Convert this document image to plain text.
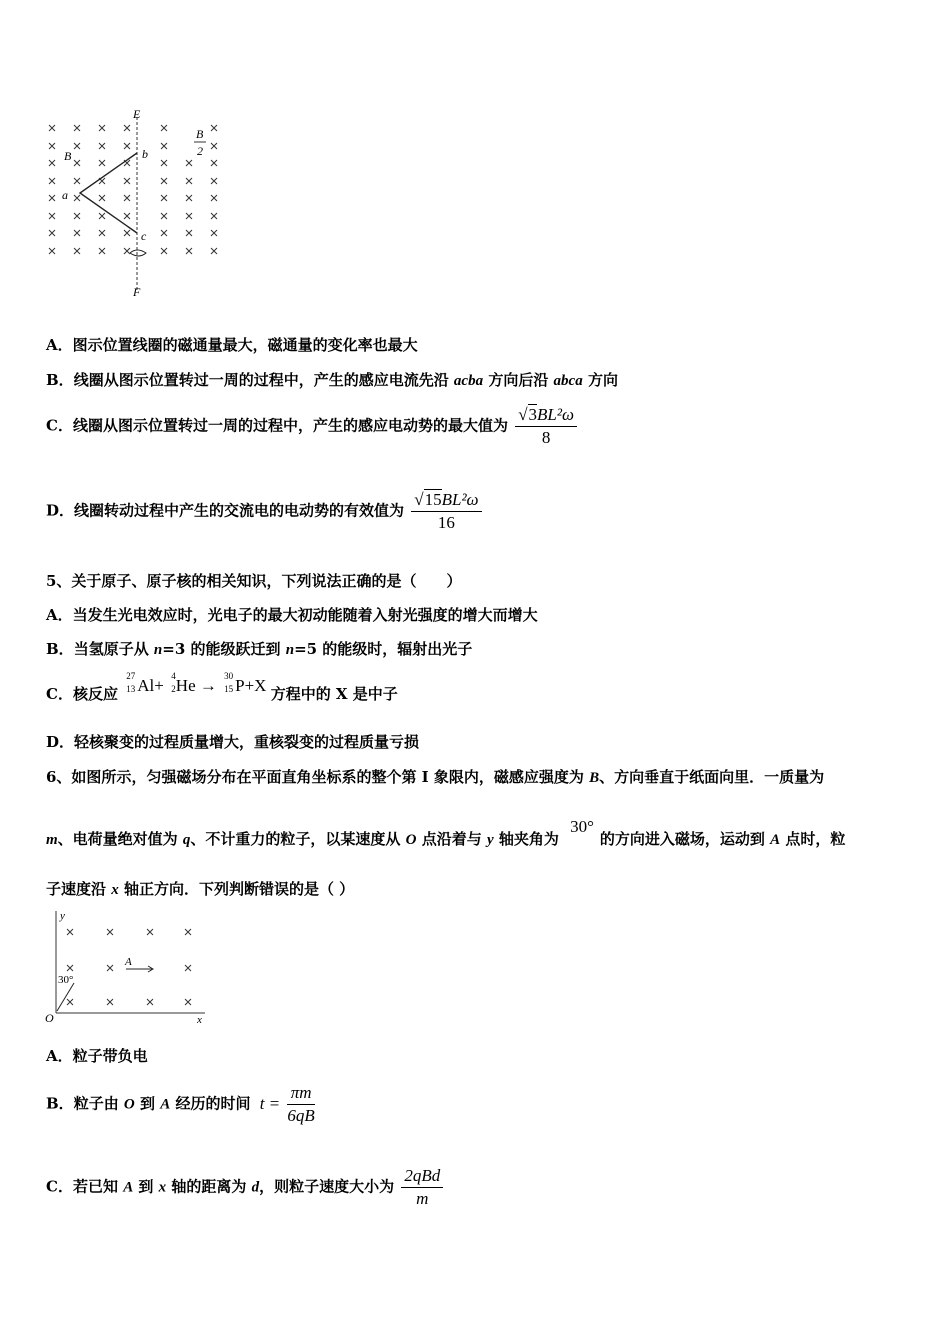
E
F
B
B
2
a
b
c
A．图示位置线圈的磁通量最大，磁通量的变化率也最大
B．线圈从图示位置转过一周的过程中，产生的感应电流先沿 acba 方向后沿 abca 方向
C．线圈从图示位置转过一周的过程中，产生的感应电动势的最大值为 $\frac{\text{√3BL²ω}}{8}$
D．线圈转动过程中产生的交流电的电动势的有效值为 $\frac{\text{√15BL²ω}}{16}$
5、关于原子、原子核的相关知识，下列说法正确的是（　　）
A．当发生光电效应时，光电子的最大初动能随着入射光强度的增大而增大
B．当氢原子从 n=3 的能级跃迁到 n=5 的能级时，辐射出光子
C．核反应
27
13 Al+ 4
2 He → 30
15 P+X 方程中的 X 是中子
D．轻核聚变的过程质量增大，重核裂变的过程质量亏损
6、如图所示，匀强磁场分布在平面直角坐标系的整个第 I 象限内，磁感应强度为 B、方向垂直于纸面向里．一质量为
m、电荷量绝对值为 q、不计重力的粒子，以某速度从 O 点沿着与 y 轴夹角为 30°的方向进入磁场，运动到 A 点时，粒
子速度沿 x 轴正方向．下列判断错误的是（ ）
y
x
O
A
30°
A．粒子带负电
B．粒子由 O 到 A 经历的时间 $t = \frac{\pi m}{6qB}$
C．若已知 A 到 x 轴的距离为 d，则粒子速度大小为 $\frac{\text{2qBd}}{m}$
